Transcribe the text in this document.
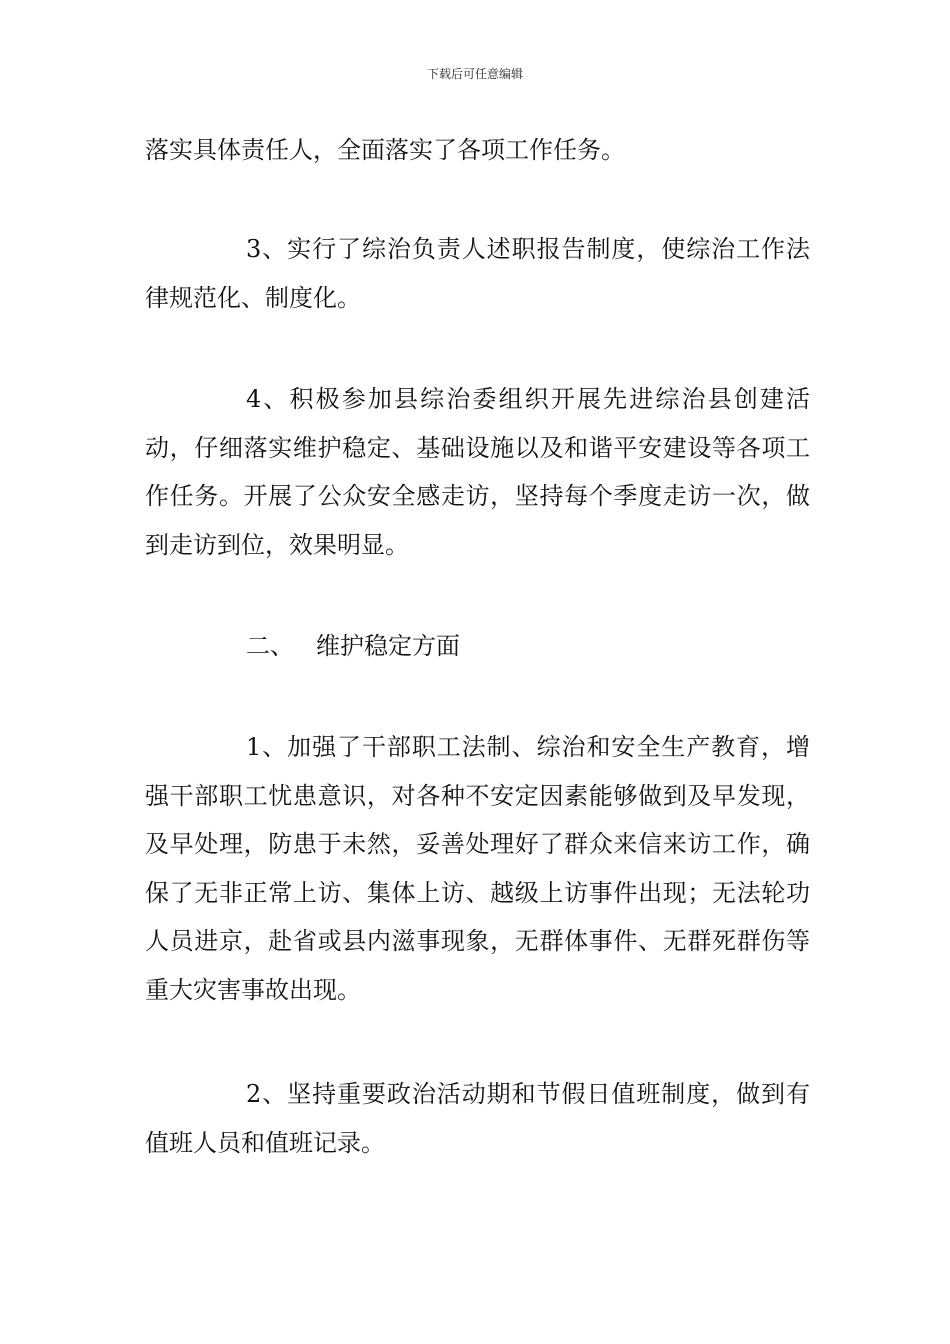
下载后可任意编辑

落实具体责任人，全面落实了各项工作任务。

3、实行了综治负责人述职报告制度，使综治工作法律规范化、制度化。

4、积极参加县综治委组织开展先进综治县创建活动，仔细落实维护稳定、基础设施以及和谐平安建设等各项工作任务。开展了公众安全感走访，坚持每个季度走访一次，做到走访到位，效果明显。

二、 维护稳定方面

1、加强了干部职工法制、综治和安全生产教育，增强干部职工忧患意识，对各种不安定因素能够做到及早发现，及早处理，防患于未然，妥善处理好了群众来信来访工作，确保了无非正常上访、集体上访、越级上访事件出现；无法轮功人员进京，赴省或县内滋事现象，无群体事件、无群死群伤等重大灾害事故出现。

2、坚持重要政治活动期和节假日值班制度，做到有值班人员和值班记录。
